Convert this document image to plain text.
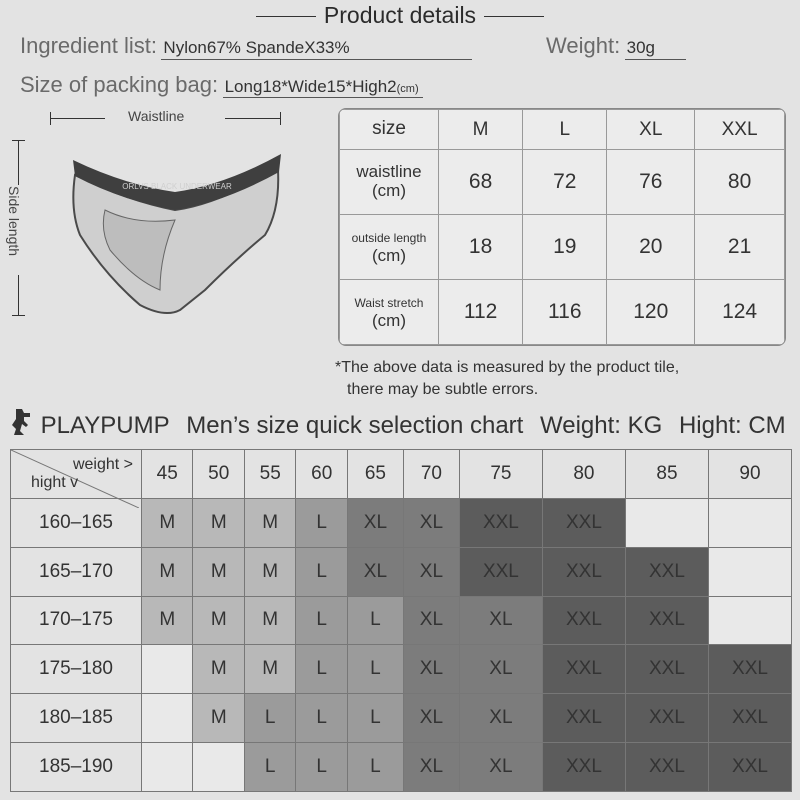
Product details
Ingredient list: Nylon67% SpandeX33%	Weight: 30g
Size of packing bag: Long18*Wide15*High2(cm)
Waistline
Side length	ORLVS BLACK UNDERWEAR
size	M	L	XL	XXL
waistline
(cm)	68	72	76	80
outside length
(cm)	18	19	20	21
Waist stretch
(cm)	112	116	120	124
*The above data is measured by the product tile,
there may be subtle errors.
PLAYPUMP Men’s size quick selection chart Weight: KG Hight: CM
weight >
hight v	45	50	55	60	65	70	75	80	85	90
160–165	M	M	M	L	XL	XL	XXL	XXL		
165–170	M	M	M	L	XL	XL	XXL	XXL	XXL	
170–175	M	M	M	L	L	XL	XL	XXL	XXL	
175–180		M	M	L	L	XL	XL	XXL	XXL	XXL
180–185		M	L	L	L	XL	XL	XXL	XXL	XXL
185–190			L	L	L	XL	XL	XXL	XXL	XXL
